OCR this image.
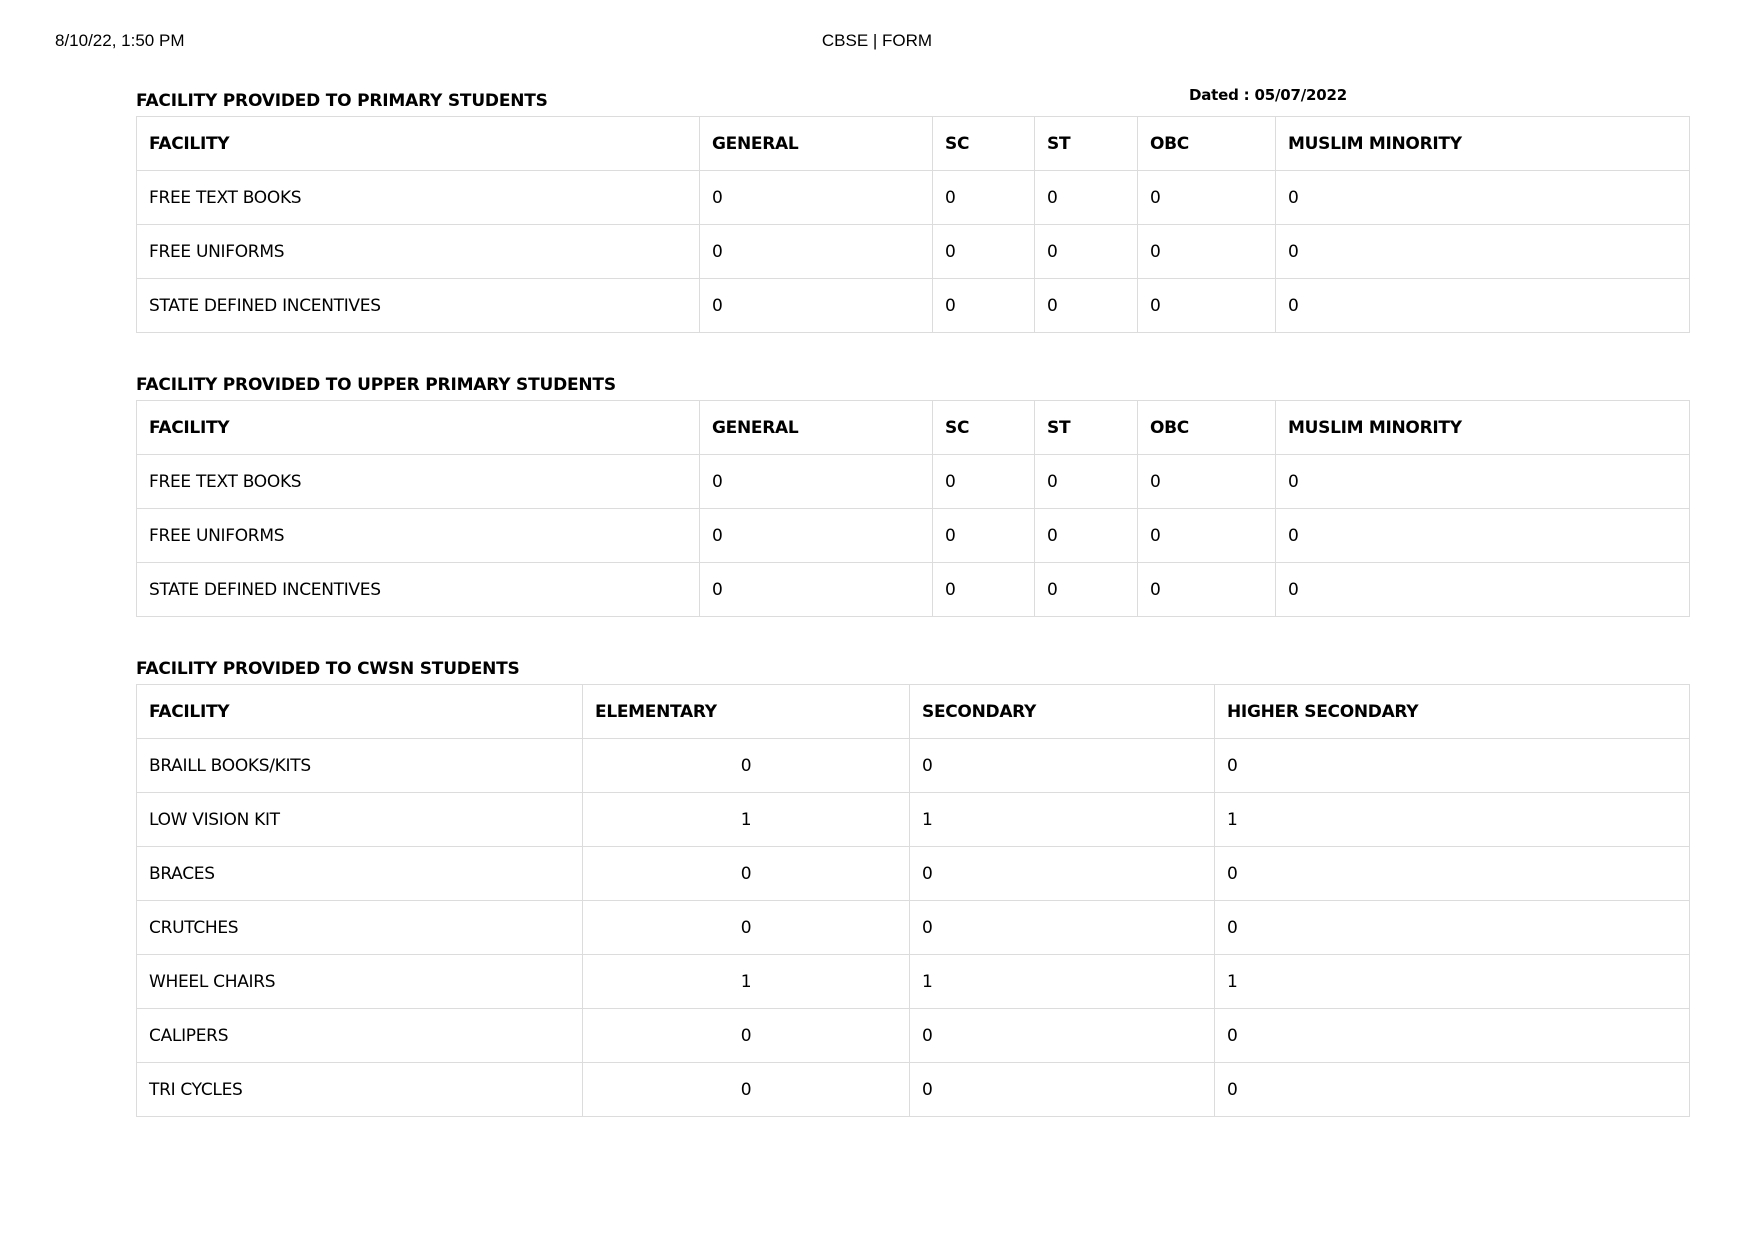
8/10/22, 1:50 PM	CBSE | FORM
FACILITY PROVIDED TO PRIMARY STUDENTS	Dated : 05/07/2022
FACILITY	GENERAL	SC	ST	OBC	MUSLIM MINORITY
FREE TEXT BOOKS	0	0	0	0	0
FREE UNIFORMS	0	0	0	0	0
STATE DEFINED INCENTIVES	0	0	0	0	0
FACILITY PROVIDED TO UPPER PRIMARY STUDENTS
FACILITY	GENERAL	SC	ST	OBC	MUSLIM MINORITY
FREE TEXT BOOKS	0	0	0	0	0
FREE UNIFORMS	0	0	0	0	0
STATE DEFINED INCENTIVES	0	0	0	0	0
FACILITY PROVIDED TO CWSN STUDENTS
FACILITY	ELEMENTARY	SECONDARY	HIGHER SECONDARY
BRAILL BOOKS/KITS	0	0	0
LOW VISION KIT	1	1	1
BRACES	0	0	0
CRUTCHES	0	0	0
WHEEL CHAIRS	1	1	1
CALIPERS	0	0	0
TRI CYCLES	0	0	0
